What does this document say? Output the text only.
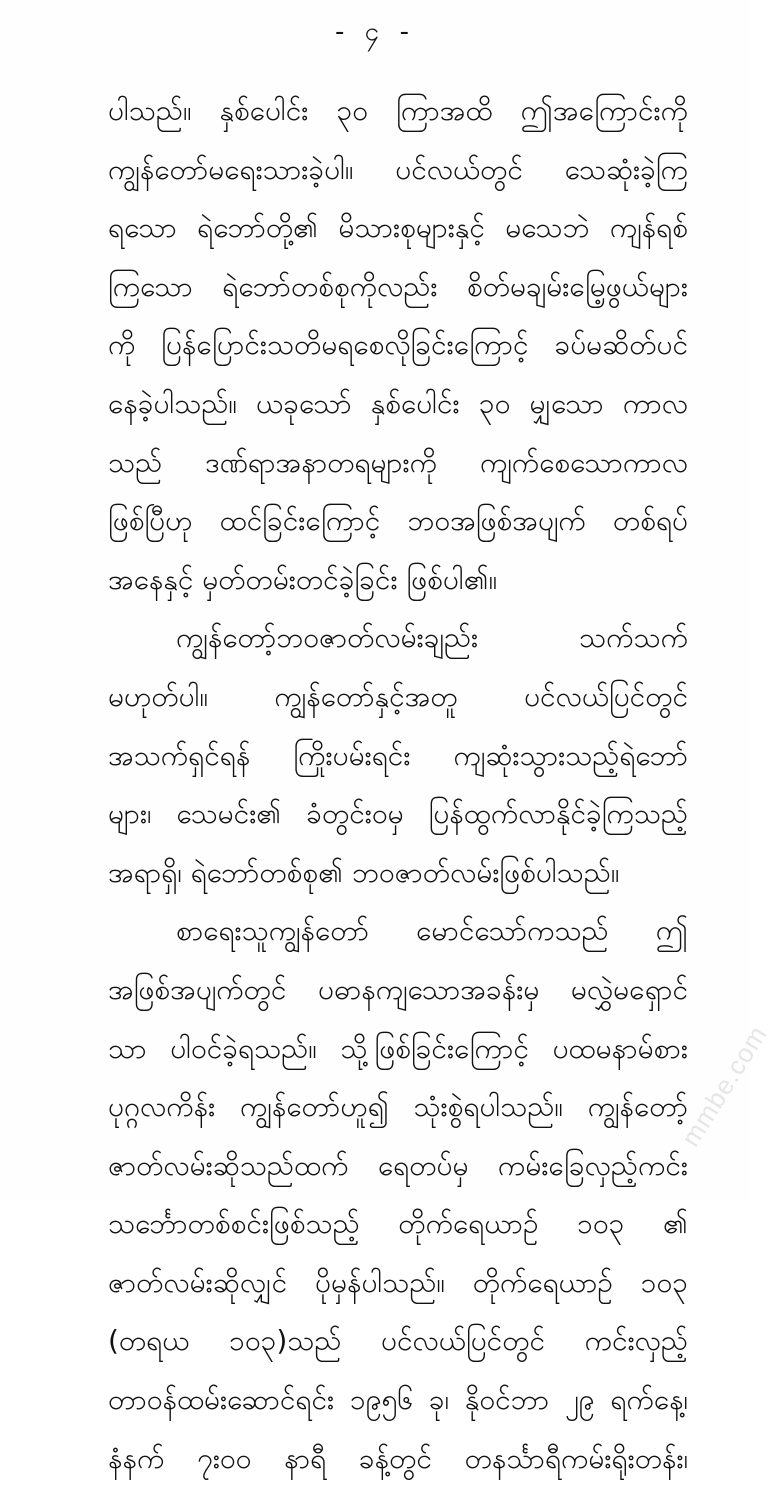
- ၄ -
ပါသည်။ နှစ်ပေါင်း ၃၀ ကြာအထိ ဤအကြောင်းကို
ကျွန်တော်မရေးသားခဲ့ပါ။ ပင်လယ်တွင် သေဆုံးခဲ့ကြ
ရသော ရဲဘော်တို့၏ မိသားစုများနှင့် မသေဘဲ ကျန်ရစ်
ကြသော ရဲဘော်တစ်စုကိုလည်း စိတ်မချမ်းမြေ့ဖွယ်များ
ကို ပြန်ပြောင်းသတိမရစေလိုခြင်းကြောင့် ခပ်မဆိတ်ပင်
နေခဲ့ပါသည်။ ယခုသော် နှစ်ပေါင်း ၃၀ မျှသော ကာလ
သည် ဒဏ်ရာအနာတရများကို ကျက်စေသောကာလ
ဖြစ်ပြီဟု ထင်ခြင်းကြောင့် ဘဝအဖြစ်အပျက် တစ်ရပ်
အနေနှင့် မှတ်တမ်းတင်ခဲ့ခြင်း ဖြစ်ပါ၏။
ကျွန်တော့်ဘဝဇာတ်လမ်းချည်း သက်သက်
မဟုတ်ပါ။ ကျွန်တော်နှင့်အတူ ပင်လယ်ပြင်တွင်
အသက်ရှင်ရန် ကြိုးပမ်းရင်း ကျဆုံးသွားသည့်ရဲဘော်
များ၊ သေမင်း၏ ခံတွင်းဝမှ ပြန်ထွက်လာနိုင်ခဲ့ကြသည့်
အရာရှိ၊ ရဲဘော်တစ်စု၏ ဘဝဇာတ်လမ်းဖြစ်ပါသည်။
စာရေးသူကျွန်တော် မောင်သော်ကသည် ဤ
အဖြစ်အပျက်တွင် ပဓာနကျသောအခန်းမှ မလွှဲမရှောင်
သာ ပါဝင်ခဲ့ရသည်။ သို့ဖြစ်ခြင်းကြောင့် ပထမနာမ်စား
ပုဂ္ဂလကိန်း ကျွန်တော်ဟူ၍ သုံးစွဲရပါသည်။ ကျွန်တော့်
ဇာတ်လမ်းဆိုသည်ထက် ရေတပ်မှ ကမ်းခြေလှည့်ကင်း
သင်္ဘောတစ်စင်းဖြစ်သည့် တိုက်ရေယာဉ် ၁၀၃ ၏
ဇာတ်လမ်းဆိုလျှင် ပိုမှန်ပါသည်။ တိုက်ရေယာဉ် ၁၀၃
(တရယ ၁၀၃)သည် ပင်လယ်ပြင်တွင် ကင်းလှည့်
တာဝန်ထမ်းဆောင်ရင်း ၁၉၅၆ ခု၊ နိုဝင်ဘာ ၂၉ ရက်နေ့၊
နံနက် ၇း၀၀ နာရီ ခန့်တွင် တနင်္သာရီကမ်းရိုးတန်း၊
mmbe.com
